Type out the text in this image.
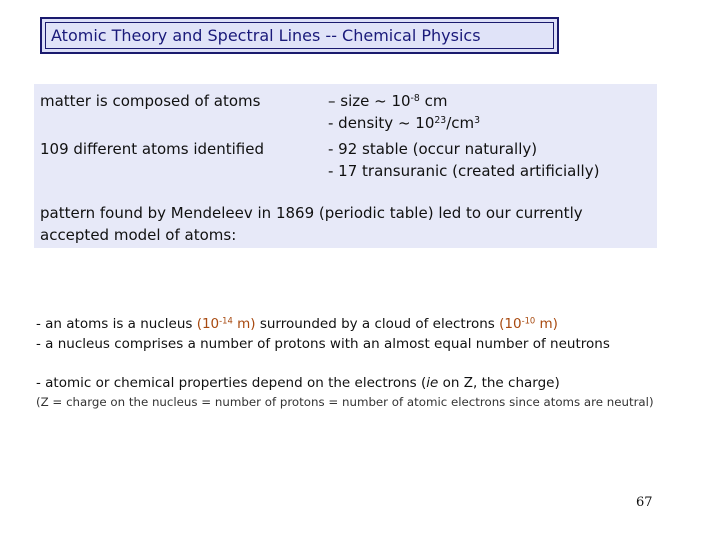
Atomic Theory and Spectral Lines -- Chemical Physics
matter is composed of atoms
109 different atoms identified
– size ~ $10^{-8}$ cm
- density ~ $10^{23}/cm^3$
- 92 stable (occur naturally)
- 17 transuranic (created artificially)
pattern found by Mendeleev in 1869 (periodic table) led to our currently
accepted model of atoms:
- an atoms is a nucleus ($10^{-14}$ m) surrounded by a cloud of electrons ($10^{-10}$ m)
- a nucleus comprises a number of protons with an almost equal number of neutrons
- atomic or chemical properties depend on the electrons (ie on Z, the charge)
(Z = charge on the nucleus = number of protons = number of atomic electrons since atoms are neutral)
67
